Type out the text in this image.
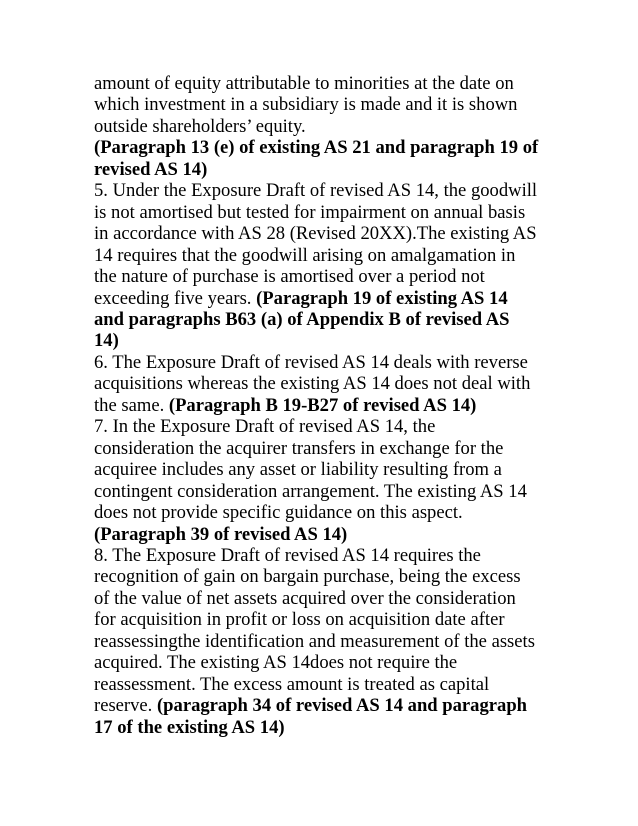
amount of equity attributable to minorities at the date on
which investment in a subsidiary is made and it is shown
outside shareholders’ equity.
(Paragraph 13 (e) of existing AS 21 and paragraph 19 of
revised AS 14)
5. Under the Exposure Draft of revised AS 14, the goodwill
is not amortised but tested for impairment on annual basis
in accordance with AS 28 (Revised 20XX).The existing AS
14 requires that the goodwill arising on amalgamation in
the nature of purchase is amortised over a period not
exceeding five years. (Paragraph 19 of existing AS 14
and paragraphs B63 (a) of Appendix B of revised AS
14)
6. The Exposure Draft of revised AS 14 deals with reverse
acquisitions whereas the existing AS 14 does not deal with
the same. (Paragraph B 19-B27 of revised AS 14)
7. In the Exposure Draft of revised AS 14, the
consideration the acquirer transfers in exchange for the
acquiree includes any asset or liability resulting from a
contingent consideration arrangement. The existing AS 14
does not provide specific guidance on this aspect.
(Paragraph 39 of revised AS 14)
8. The Exposure Draft of revised AS 14 requires the
recognition of gain on bargain purchase, being the excess
of the value of net assets acquired over the consideration
for acquisition in profit or loss on acquisition date after
reassessingthe identification and measurement of the assets
acquired. The existing AS 14does not require the
reassessment. The excess amount is treated as capital
reserve. (paragraph 34 of revised AS 14 and paragraph
17 of the existing AS 14)
